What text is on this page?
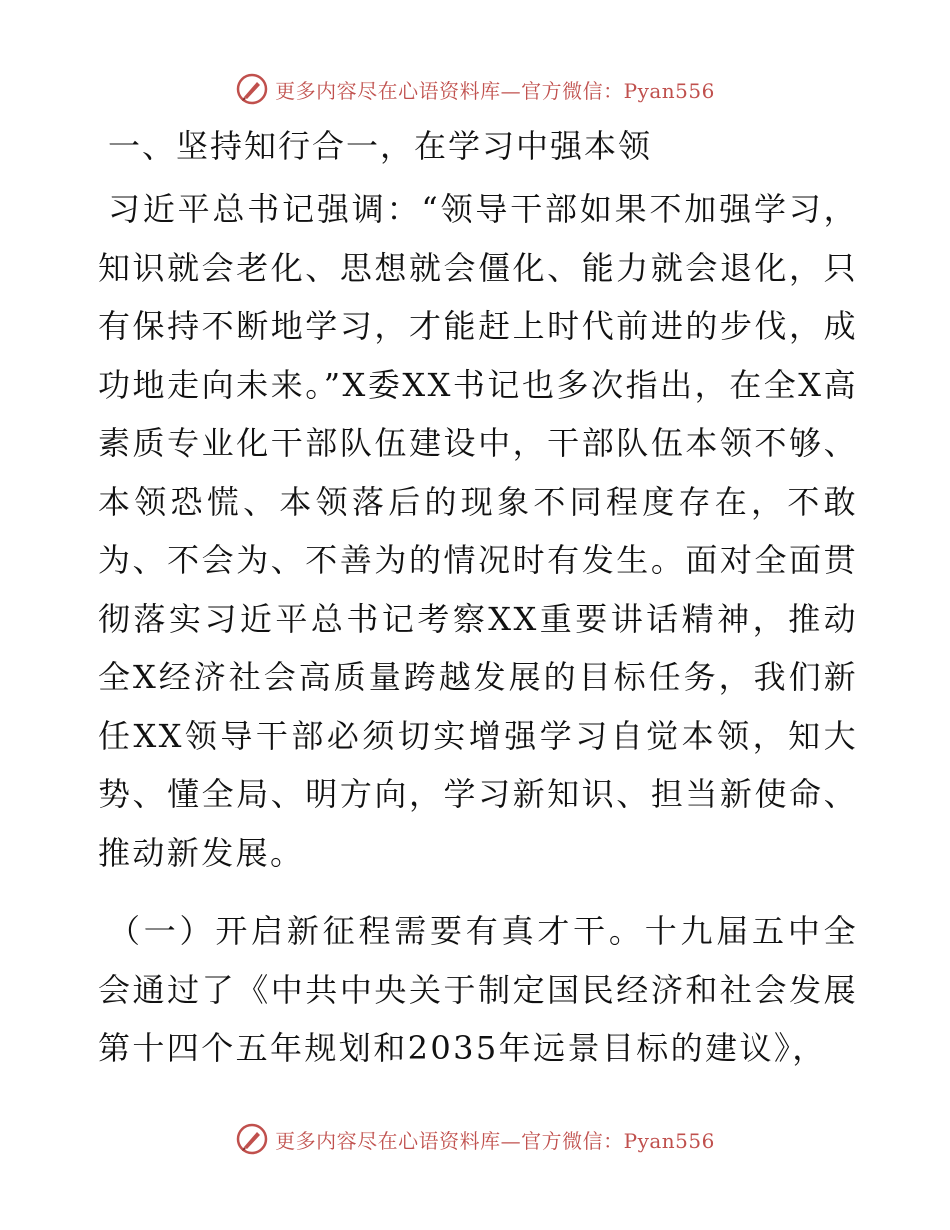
更多内容尽在心语资料库—官方微信：Pyan556
一、坚持知行合一，在学习中强本领

习近平总书记强调：“领导干部如果不加强学习，知识就会老化、思想就会僵化、能力就会退化，只有保持不断地学习，才能赶上时代前进的步伐，成功地走向未来。”X委XX书记也多次指出，在全X高素质专业化干部队伍建设中，干部队伍本领不够、本领恐慌、本领落后的现象不同程度存在，不敢为、不会为、不善为的情况时有发生。面对全面贯彻落实习近平总书记考察XX重要讲话精神，推动全X经济社会高质量跨越发展的目标任务，我们新任XX领导干部必须切实增强学习自觉本领，知大势、懂全局、明方向，学习新知识、担当新使命、推动新发展。

（一）开启新征程需要有真才干。十九届五中全会通过了《中共中央关于制定国民经济和社会发展第十四个五年规划和2035年远景目标的建议》，

更多内容尽在心语资料库—官方微信：Pyan556
